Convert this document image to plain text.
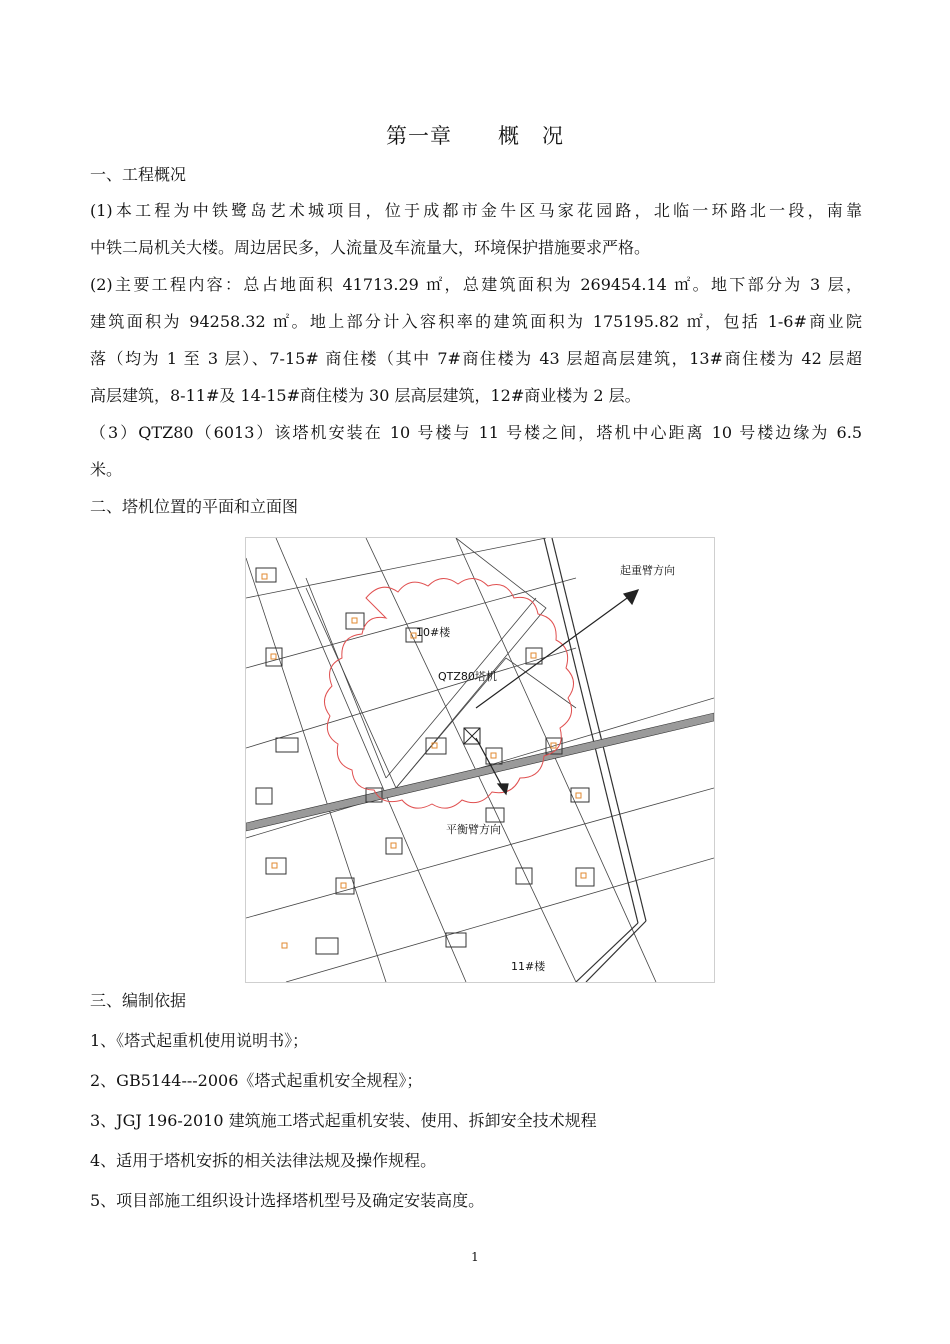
第一章 概　况
一、工程概况
(1)本工程为中铁鹭岛艺术城项目，位于成都市金牛区马家花园路，北临一环路北一段，南靠
中铁二局机关大楼。周边居民多，人流量及车流量大，环境保护措施要求严格。
(2)主要工程内容：总占地面积 41713.29 ㎡，总建筑面积为 269454.14 ㎡。地下部分为 3 层，
建筑面积为 94258.32 ㎡。地上部分计入容积率的建筑面积为 175195.82 ㎡，包括 1-6#商业院
落（均为 1 至 3 层）、7-15# 商住楼（其中 7#商住楼为 43 层超高层建筑，13#商住楼为 42 层超
高层建筑，8-11#及 14-15#商住楼为 30 层高层建筑，12#商业楼为 2 层。
（3）QTZ80（6013）该塔机安装在 10 号楼与 11 号楼之间，塔机中心距离 10 号楼边缘为 6.5
米。
二、塔机位置的平面和立面图
起重臂方向
10#楼
QTZ80塔机
平衡臂方向
11#楼
三、编制依据
1、《塔式起重机使用说明书》；
2、GB5144---2006《塔式起重机安全规程》；
3、JGJ 196-2010 建筑施工塔式起重机安装、使用、拆卸安全技术规程
4、适用于塔机安拆的相关法律法规及操作规程。
5、项目部施工组织设计选择塔机型号及确定安装高度。
1
